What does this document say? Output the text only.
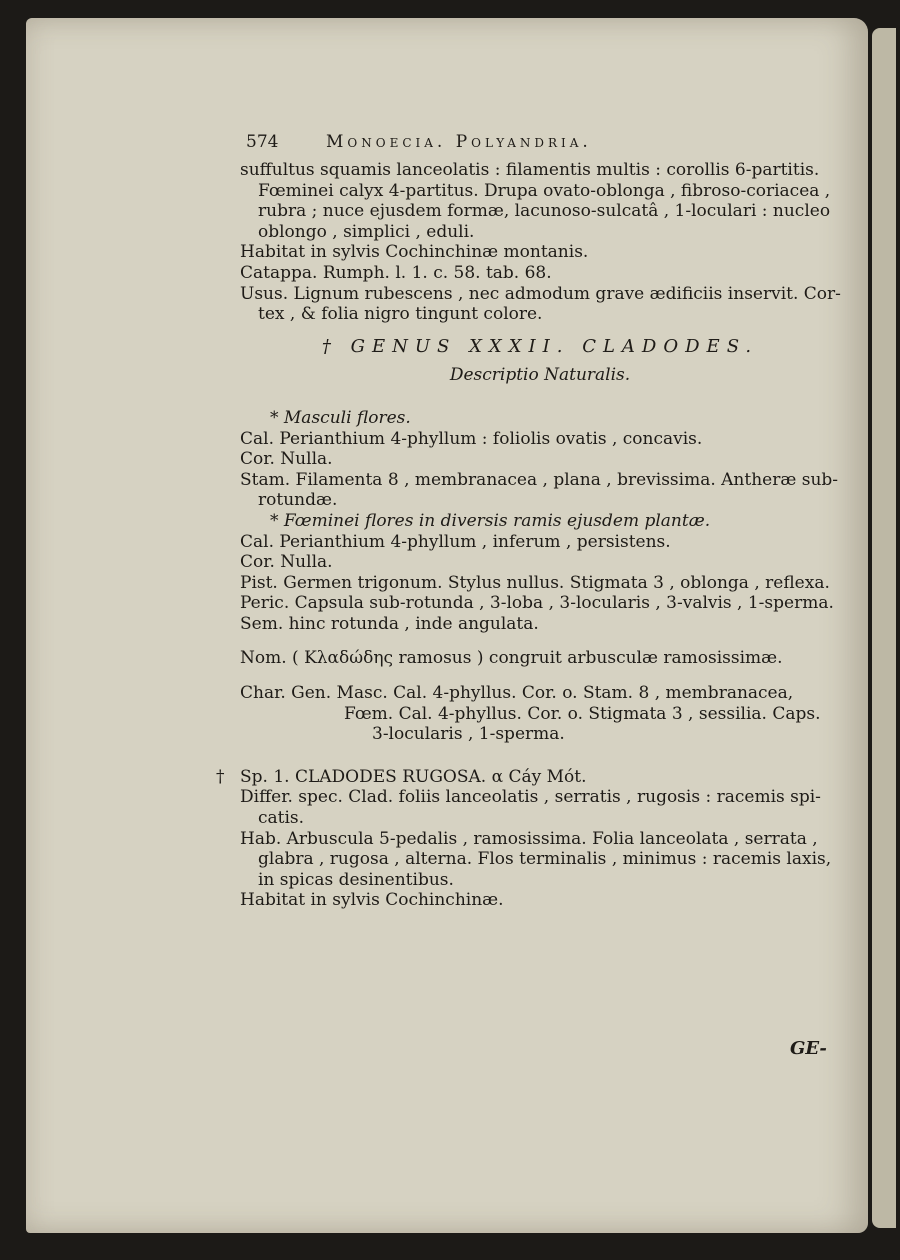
574	Monoecia. Polyandria.
suffultus squamis lanceolatis : filamentis multis : corollis 6-partitis.
Fœminei calyx 4-partitus. Drupa ovato-oblonga , fibroso-coriacea ,
rubra ; nuce ejusdem formæ, lacunoso-sulcatâ , 1-loculari : nucleo
oblongo , simplici , eduli.
Habitat in sylvis Cochinchinæ montanis.
Catappa. Rumph. l. 1. c. 58. tab. 68.
Usus. Lignum rubescens , nec admodum grave ædificiis inservit. Cor-
tex , & folia nigro tingunt colore.
† GENUS XXXII. CLADODES.
Descriptio Naturalis.
* Masculi flores.
Cal. Perianthium 4-phyllum : foliolis ovatis , concavis.
Cor. Nulla.
Stam. Filamenta 8 , membranacea , plana , brevissima. Antheræ sub-
rotundæ.
* Fœminei flores in diversis ramis ejusdem plantæ.
Cal. Perianthium 4-phyllum , inferum , persistens.
Cor. Nulla.
Pist. Germen trigonum. Stylus nullus. Stigmata 3 , oblonga , reflexa.
Peric. Capsula sub-rotunda , 3-loba , 3-locularis , 3-valvis , 1-sperma.
Sem. hinc rotunda , inde angulata.
Nom. ( Κλαδώδης ramosus ) congruit arbusculæ ramosissimæ.
Char. Gen. Masc. Cal. 4-phyllus. Cor. o. Stam. 8 , membranacea,
Fœm. Cal. 4-phyllus. Cor. o. Stigmata 3 , sessilia. Caps.
3-locularis , 1-sperma.
† Sp. 1. CLADODES RUGOSA. α Cáy Mót.
Differ. spec. Clad. foliis lanceolatis , serratis , rugosis : racemis spi-
catis.
Hab. Arbuscula 5-pedalis , ramosissima. Folia lanceolata , serrata ,
glabra , rugosa , alterna. Flos terminalis , minimus : racemis laxis,
in spicas desinentibus.
Habitat in sylvis Cochinchinæ.
GE-
